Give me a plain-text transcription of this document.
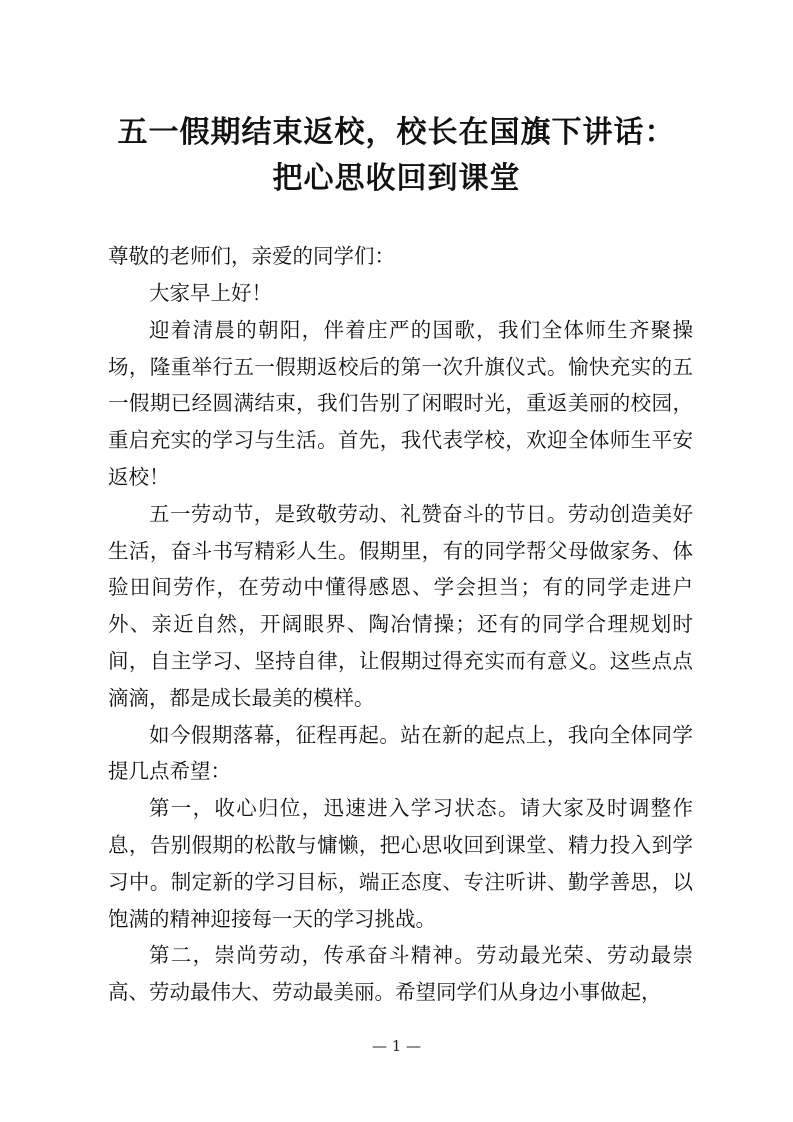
五一假期结束返校，校长在国旗下讲话：
把心思收回到课堂
尊敬的老师们，亲爱的同学们：

大家早上好！

迎着清晨的朝阳，伴着庄严的国歌，我们全体师生齐聚操场，隆重举行五一假期返校后的第一次升旗仪式。愉快充实的五一假期已经圆满结束，我们告别了闲暇时光，重返美丽的校园，重启充实的学习与生活。首先，我代表学校，欢迎全体师生平安返校！

五一劳动节，是致敬劳动、礼赞奋斗的节日。劳动创造美好生活，奋斗书写精彩人生。假期里，有的同学帮父母做家务、体验田间劳作，在劳动中懂得感恩、学会担当；有的同学走进户外、亲近自然，开阔眼界、陶冶情操；还有的同学合理规划时间，自主学习、坚持自律，让假期过得充实而有意义。这些点点滴滴，都是成长最美的模样。

如今假期落幕，征程再起。站在新的起点上，我向全体同学提几点希望：

第一，收心归位，迅速进入学习状态。请大家及时调整作息，告别假期的松散与慵懒，把心思收回到课堂、精力投入到学习中。制定新的学习目标，端正态度、专注听讲、勤学善思，以饱满的精神迎接每一天的学习挑战。

第二，崇尚劳动，传承奋斗精神。劳动最光荣、劳动最崇高、劳动最伟大、劳动最美丽。希望同学们从身边小事做起，

— 1 —
